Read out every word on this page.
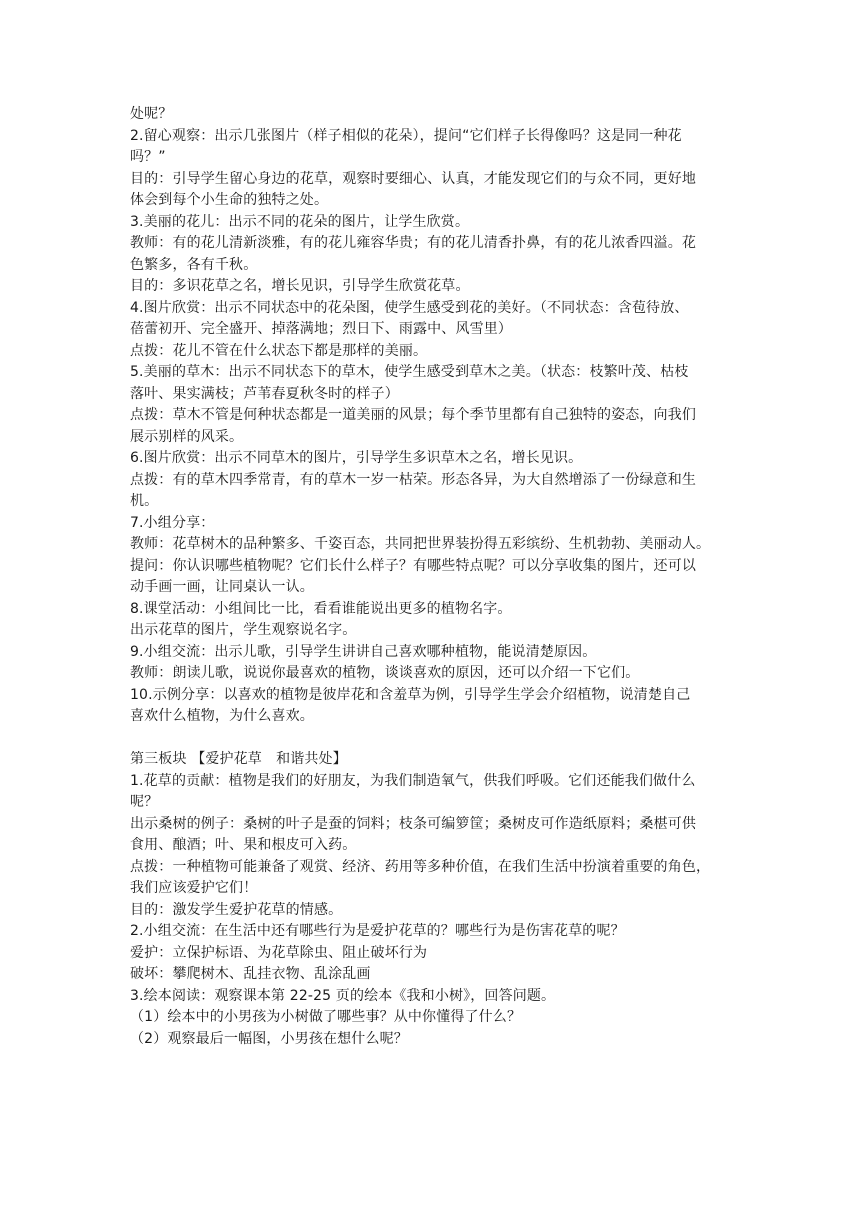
处呢？
2.留心观察：出示几张图片（样子相似的花朵），提问“它们样子长得像吗？这是同一种花
吗？”
目的：引导学生留心身边的花草，观察时要细心、认真，才能发现它们的与众不同，更好地
体会到每个小生命的独特之处。
3.美丽的花儿：出示不同的花朵的图片，让学生欣赏。
教师：有的花儿清新淡雅，有的花儿雍容华贵；有的花儿清香扑鼻，有的花儿浓香四溢。花
色繁多，各有千秋。
目的：多识花草之名，增长见识，引导学生欣赏花草。
4.图片欣赏：出示不同状态中的花朵图，使学生感受到花的美好。（不同状态：含苞待放、
蓓蕾初开、完全盛开、掉落满地；烈日下、雨露中、风雪里）
点拨：花儿不管在什么状态下都是那样的美丽。
5.美丽的草木：出示不同状态下的草木，使学生感受到草木之美。（状态：枝繁叶茂、枯枝
落叶、果实满枝；芦苇春夏秋冬时的样子）
点拨：草木不管是何种状态都是一道美丽的风景；每个季节里都有自己独特的姿态，向我们
展示别样的风采。
6.图片欣赏：出示不同草木的图片，引导学生多识草木之名，增长见识。
点拨：有的草木四季常青，有的草木一岁一枯荣。形态各异，为大自然增添了一份绿意和生
机。
7.小组分享：
教师：花草树木的品种繁多、千姿百态，共同把世界装扮得五彩缤纷、生机勃勃、美丽动人。
提问：你认识哪些植物呢？它们长什么样子？有哪些特点呢？可以分享收集的图片，还可以
动手画一画，让同桌认一认。
8.课堂活动：小组间比一比，看看谁能说出更多的植物名字。
出示花草的图片，学生观察说名字。
9.小组交流：出示儿歌，引导学生讲讲自己喜欢哪种植物，能说清楚原因。
教师：朗读儿歌，说说你最喜欢的植物，谈谈喜欢的原因，还可以介绍一下它们。
10.示例分享：以喜欢的植物是彼岸花和含羞草为例，引导学生学会介绍植物，说清楚自己
喜欢什么植物，为什么喜欢。
第三板块 【爱护花草　和谐共处】
1.花草的贡献：植物是我们的好朋友，为我们制造氧气，供我们呼吸。它们还能我们做什么
呢？
出示桑树的例子：桑树的叶子是蚕的饲料；枝条可编箩筐；桑树皮可作造纸原料；桑椹可供
食用、酿酒；叶、果和根皮可入药。
点拨：一种植物可能兼备了观赏、经济、药用等多种价值，在我们生活中扮演着重要的角色，
我们应该爱护它们！
目的：激发学生爱护花草的情感。
2.小组交流：在生活中还有哪些行为是爱护花草的？哪些行为是伤害花草的呢？
爱护：立保护标语、为花草除虫、阻止破坏行为
破坏：攀爬树木、乱挂衣物、乱涂乱画
3.绘本阅读：观察课本第 22-25 页的绘本《我和小树》，回答问题。
（1）绘本中的小男孩为小树做了哪些事？从中你懂得了什么？
（2）观察最后一幅图，小男孩在想什么呢？
